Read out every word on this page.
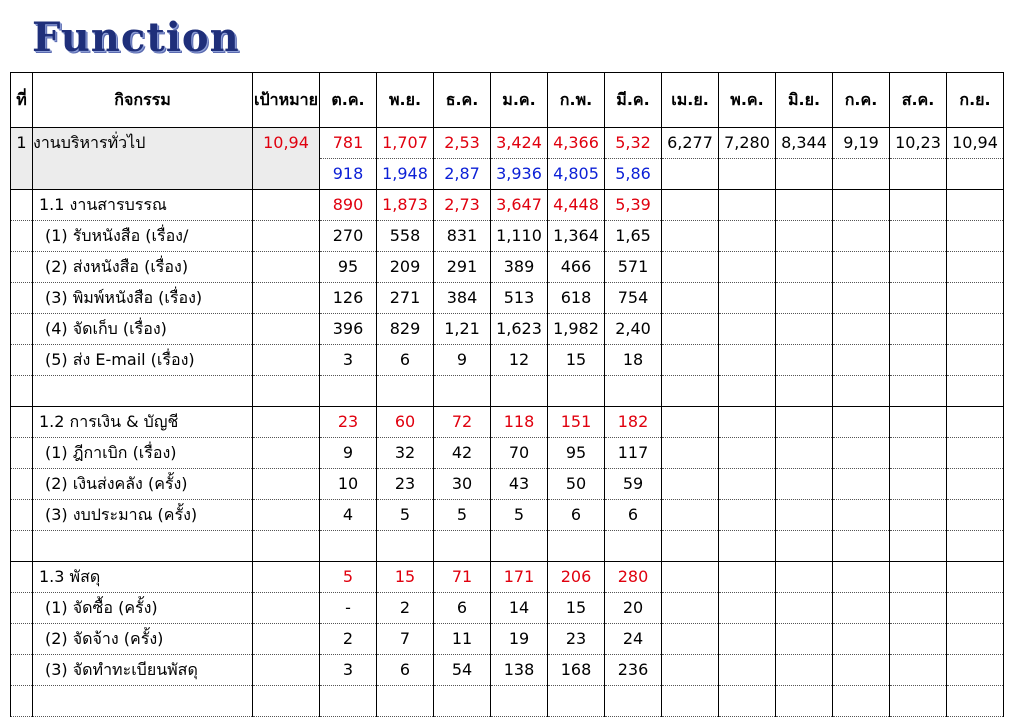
Function
ที่	กิจกรรม	เป้าหมาย	ต.ค.	พ.ย.	ธ.ค.	ม.ค.	ก.พ.	มี.ค.	เม.ย.	พ.ค.	มิ.ย.	ก.ค.	ส.ค.	ก.ย.
1	งานบริหารทั่วไป	10,94	781	1,707	2,53	3,424	4,366	5,32	6,277	7,280	8,344	9,19	10,23	10,94
			918	1,948	2,87	3,936	4,805	5,86						
	1.1 งานสารบรรณ		890	1,873	2,73	3,647	4,448	5,39						
	(1) รับหนังสือ (เรื่อง/		270	558	831	1,110	1,364	1,65						
	(2) ส่งหนังสือ (เรื่อง)		95	209	291	389	466	571						
	(3) พิมพ์หนังสือ (เรื่อง)		126	271	384	513	618	754						
	(4) จัดเก็บ (เรื่อง)		396	829	1,21	1,623	1,982	2,40						
	(5) ส่ง E-mail (เรื่อง)		3	6	9	12	15	18						

	1.2 การเงิน & บัญชี		23	60	72	118	151	182						
	(1) ฎีกาเบิก (เรื่อง)		9	32	42	70	95	117						
	(2) เงินส่งคลัง (ครั้ง)		10	23	30	43	50	59						
	(3) งบประมาณ (ครั้ง)		4	5	5	5	6	6						

	1.3 พัสดุ		5	15	71	171	206	280						
	(1) จัดซื้อ (ครั้ง)		-	2	6	14	15	20						
	(2) จัดจ้าง (ครั้ง)		2	7	11	19	23	24						
	(3) จัดทำทะเบียนพัสดุ		3	6	54	138	168	236						
